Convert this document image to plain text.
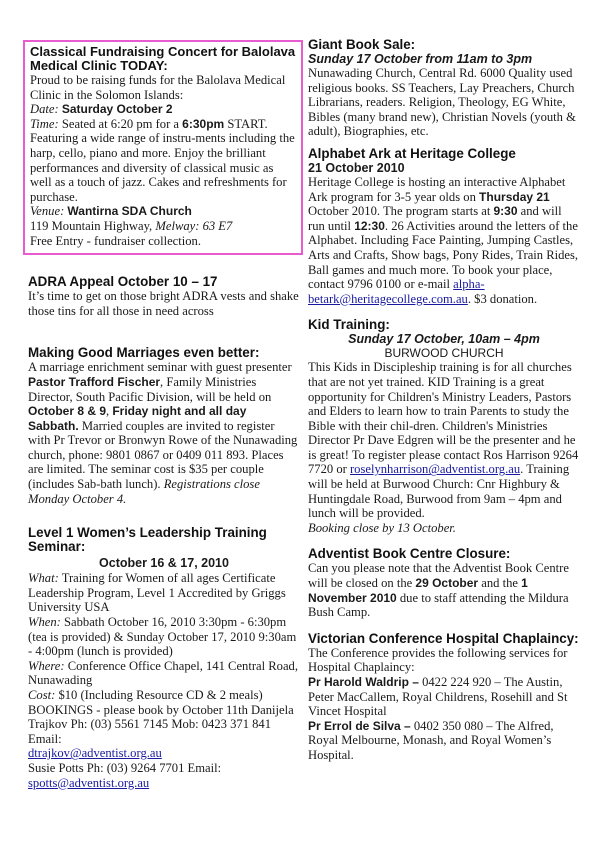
Classical Fundraising Concert for Balolava Medical Clinic TODAY:

Proud to be raising funds for the Balolava Medical Clinic in the Solomon Islands:
Date: Saturday October 2
Time: Seated at 6:20 pm for a 6:30pm START. Featuring a wide range of instru-ments including the harp, cello, piano and more. Enjoy the brilliant performances and diversity of classical music as well as a touch of jazz. Cakes and refreshments for purchase.
Venue: Wantirna SDA Church
119 Mountain Highway, Melway: 63 E7
Free Entry - fundraiser collection.

ADRA Appeal October 10 – 17

It’s time to get on those bright ADRA vests and shake those tins for all those in need across

Making Good Marriages even better:

A marriage enrichment seminar with guest presenter Pastor Trafford Fischer, Family Ministries Director, South Pacific Division, will be held on October 8 & 9, Friday night and all day Sabbath. Married couples are invited to register with Pr Trevor or Bronwyn Rowe of the Nunawading church, phone: 9801 0867 or 0409 011 893. Places are limited. The seminar cost is $35 per couple (includes Sab-bath lunch). Registrations close Monday October 4.

Level 1 Women’s Leadership Training Seminar:
October 16 & 17, 2010

What: Training for Women of all ages Certificate Leadership Program, Level 1 Accredited by Griggs University USA
When: Sabbath October 16, 2010 3:30pm - 6:30pm (tea is provided) & Sunday October 17, 2010 9:30am - 4:00pm (lunch is provided)
Where: Conference Office Chapel, 141 Central Road, Nunawading
Cost: $10 (Including Resource CD & 2 meals) BOOKINGS - please book by October 11th Danijela Trajkov Ph: (03) 5561 7145 Mob: 0423 371 841 Email:
dtrajkov@adventist.org.au
Susie Potts Ph: (03) 9264 7701 Email:
spotts@adventist.org.au

Giant Book Sale:
Sunday 17 October from 11am to 3pm

Nunawading Church, Central Rd. 6000 Quality used religious books. SS Teachers, Lay Preachers, Church Librarians, readers. Religion, Theology, EG White, Bibles (many brand new), Christian Novels (youth & adult), Biographies, etc.

Alphabet Ark at Heritage College
21 October 2010

Heritage College is hosting an interactive Alphabet Ark program for 3-5 year olds on Thursday 21 October 2010. The program starts at 9:30 and will run until 12:30. 26 Activities around the letters of the Alphabet. Including Face Painting, Jumping Castles, Arts and Crafts, Show bags, Pony Rides, Train Rides, Ball games and much more. To book your place, contact 9796 0100 or e-mail alpha-betark@heritagecollege.com.au. $3 donation.

Kid Training:
Sunday 17 October, 10am – 4pm
BURWOOD CHURCH

This Kids in Discipleship training is for all churches that are not yet trained. KID Training is a great opportunity for Children's Ministry Leaders, Pastors and Elders to learn how to train Parents to study the Bible with their chil-dren. Children's Ministries Director Pr Dave Edgren will be the presenter and he is great! To register please contact Ros Harrison 9264 7720 or roselynharrison@adventist.org.au. Training will be held at Burwood Church: Cnr Highbury & Huntingdale Road, Burwood from 9am – 4pm and lunch will be provided.
Booking close by 13 October.

Adventist Book Centre Closure:

Can you please note that the Adventist Book Centre will be closed on the 29 October and the 1 November 2010 due to staff attending the Mildura Bush Camp.

Victorian Conference Hospital Chaplaincy:

The Conference provides the following services for Hospital Chaplaincy:
Pr Harold Waldrip – 0422 224 920 – The Austin, Peter MacCallem, Royal Childrens, Rosehill and St Vincet Hospital
Pr Errol de Silva – 0402 350 080 – The Alfred, Royal Melbourne, Monash, and Royal Women’s Hospital.
